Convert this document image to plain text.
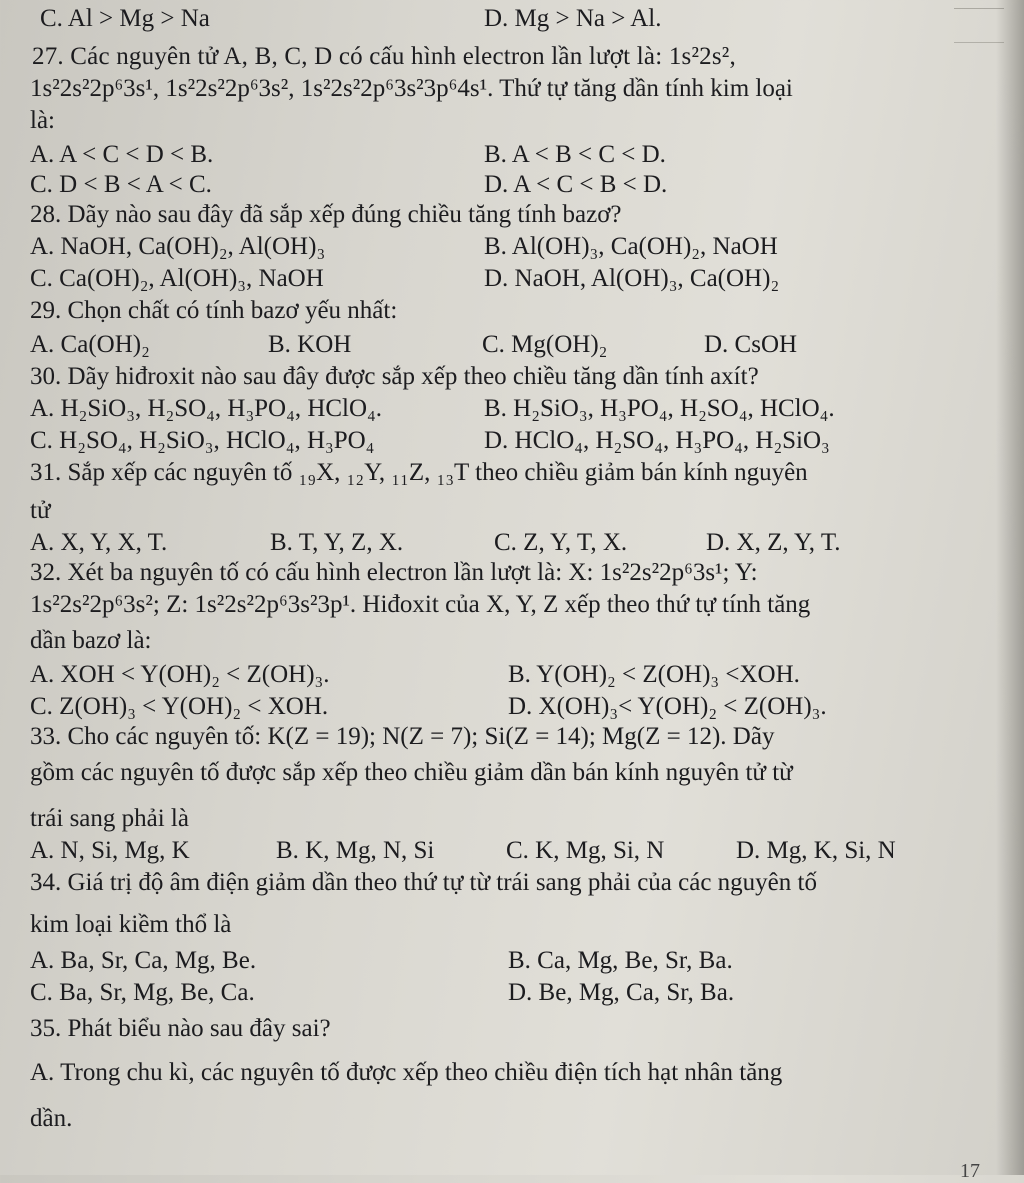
C. Al > Mg > Na	D. Mg > Na > Al.
27. Các nguyên tử A, B, C, D có cấu hình electron lần lượt là: 1s²2s²,
1s²2s²2p⁶3s¹, 1s²2s²2p⁶3s², 1s²2s²2p⁶3s²3p⁶4s¹. Thứ tự tăng dần tính kim loại
là:
A. A < C < D < B.	B. A < B < C < D.
C. D < B < A < C.	D. A < C < B < D.
28. Dãy nào sau đây đã sắp xếp đúng chiều tăng tính bazơ?
A. NaOH, Ca(OH)₂, Al(OH)₃	B. Al(OH)₃, Ca(OH)₂, NaOH
C. Ca(OH)₂, Al(OH)₃, NaOH	D. NaOH, Al(OH)₃, Ca(OH)₂
29. Chọn chất có tính bazơ yếu nhất:
A. Ca(OH)₂	B. KOH	C. Mg(OH)₂	D. CsOH
30. Dãy hiđroxit nào sau đây được sắp xếp theo chiều tăng dần tính axít?
A. H₂SiO₃, H₂SO₄, H₃PO₄, HClO₄.	B. H₂SiO₃, H₃PO₄, H₂SO₄, HClO₄.
C. H₂SO₄, H₂SiO₃, HClO₄, H₃PO₄	D. HClO₄, H₂SO₄, H₃PO₄, H₂SiO₃
31. Sắp xếp các nguyên tố ₁₉X, ₁₂Y, ₁₁Z, ₁₃T theo chiều giảm bán kính nguyên
tử
A. X, Y, X, T.	B. T, Y, Z, X.	C. Z, Y, T, X.	D. X, Z, Y, T.
32. Xét ba nguyên tố có cấu hình electron lần lượt là: X: 1s²2s²2p⁶3s¹; Y:
1s²2s²2p⁶3s²; Z: 1s²2s²2p⁶3s²3p¹. Hiđoxit của X, Y, Z xếp theo thứ tự tính tăng
dần bazơ là:
A. XOH < Y(OH)₂ < Z(OH)₃.	B. Y(OH)₂ < Z(OH)₃ <XOH.
C. Z(OH)₃ < Y(OH)₂ < XOH.	D. X(OH)₃< Y(OH)₂ < Z(OH)₃.
33. Cho các nguyên tố: K(Z = 19); N(Z = 7); Si(Z = 14); Mg(Z = 12). Dãy
gồm các nguyên tố được sắp xếp theo chiều giảm dần bán kính nguyên tử từ
trái sang phải là
A. N, Si, Mg, K	B. K, Mg, N, Si	C. K, Mg, Si, N	D. Mg, K, Si, N
34. Giá trị độ âm điện giảm dần theo thứ tự từ trái sang phải của các nguyên tố
kim loại kiềm thổ là
A. Ba, Sr, Ca, Mg, Be.	B. Ca, Mg, Be, Sr, Ba.
C. Ba, Sr, Mg, Be, Ca.	D. Be, Mg, Ca, Sr, Ba.
35. Phát biểu nào sau đây sai?
A. Trong chu kì, các nguyên tố được xếp theo chiều điện tích hạt nhân tăng
dần.
17
